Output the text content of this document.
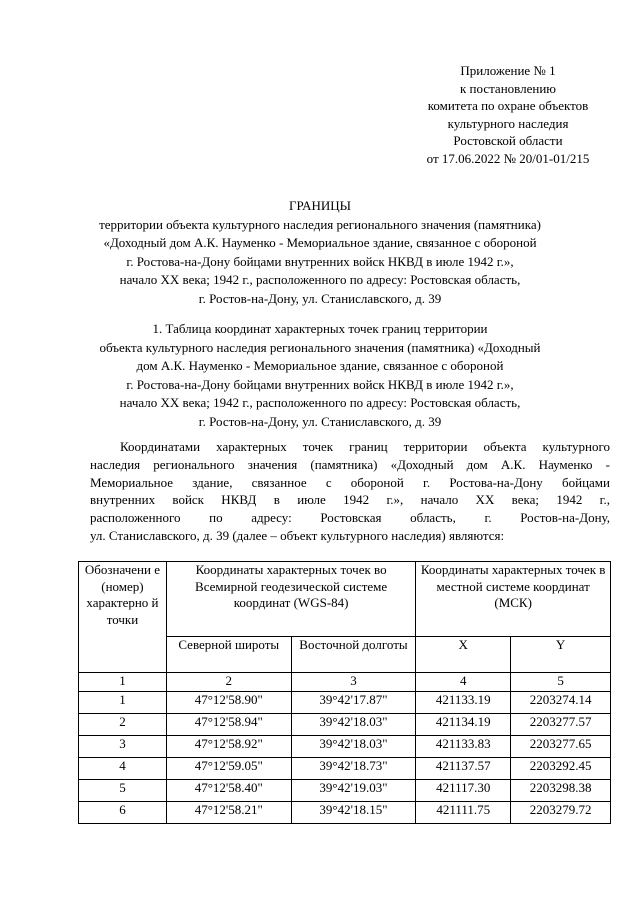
Приложение № 1
к постановлению
комитета по охране объектов
культурного наследия
Ростовской области
от 17.06.2022 № 20/01-01/215
ГРАНИЦЫ
территории объекта культурного наследия регионального значения (памятника)
«Доходный дом А.К. Науменко - Мемориальное здание, связанное с обороной
г. Ростова-на-Дону бойцами внутренних войск НКВД в июле 1942 г.»,
начало XX века; 1942 г., расположенного по адресу: Ростовская область,
г. Ростов-на-Дону, ул. Станиславского, д. 39
1. Таблица координат характерных точек границ территории
объекта культурного наследия регионального значения (памятника) «Доходный
дом А.К. Науменко - Мемориальное здание, связанное с обороной
г. Ростова-на-Дону бойцами внутренних войск НКВД в июле 1942 г.»,
начало XX века; 1942 г., расположенного по адресу: Ростовская область,
г. Ростов-на-Дону, ул. Станиславского, д. 39
Координатами характерных точек границ территории объекта культурного
наследия регионального значения (памятника) «Доходный дом А.К. Науменко -
Мемориальное здание, связанное с обороной г. Ростова-на-Дону бойцами
внутренних войск НКВД в июле 1942 г.», начало XX века; 1942 г.,
расположенного по адресу: Ростовская область, г. Ростов-на-Дону,
ул. Станиславского, д. 39 (далее – объект культурного наследия) являются:
Обозначени е (номер) характерно й точки	Координаты характерных точек во Всемирной геодезической системе координат (WGS-84)		Координаты характерных точек в местной системе координат (МСК)	
	Северной широты	Восточной долготы	X	Y
1	2	3	4	5
1	47°12'58.90"	39°42'17.87"	421133.19	2203274.14
2	47°12'58.94"	39°42'18.03"	421134.19	2203277.57
3	47°12'58.92"	39°42'18.03"	421133.83	2203277.65
4	47°12'59.05"	39°42'18.73"	421137.57	2203292.45
5	47°12'58.40"	39°42'19.03"	421117.30	2203298.38
6	47°12'58.21"	39°42'18.15"	421111.75	2203279.72
